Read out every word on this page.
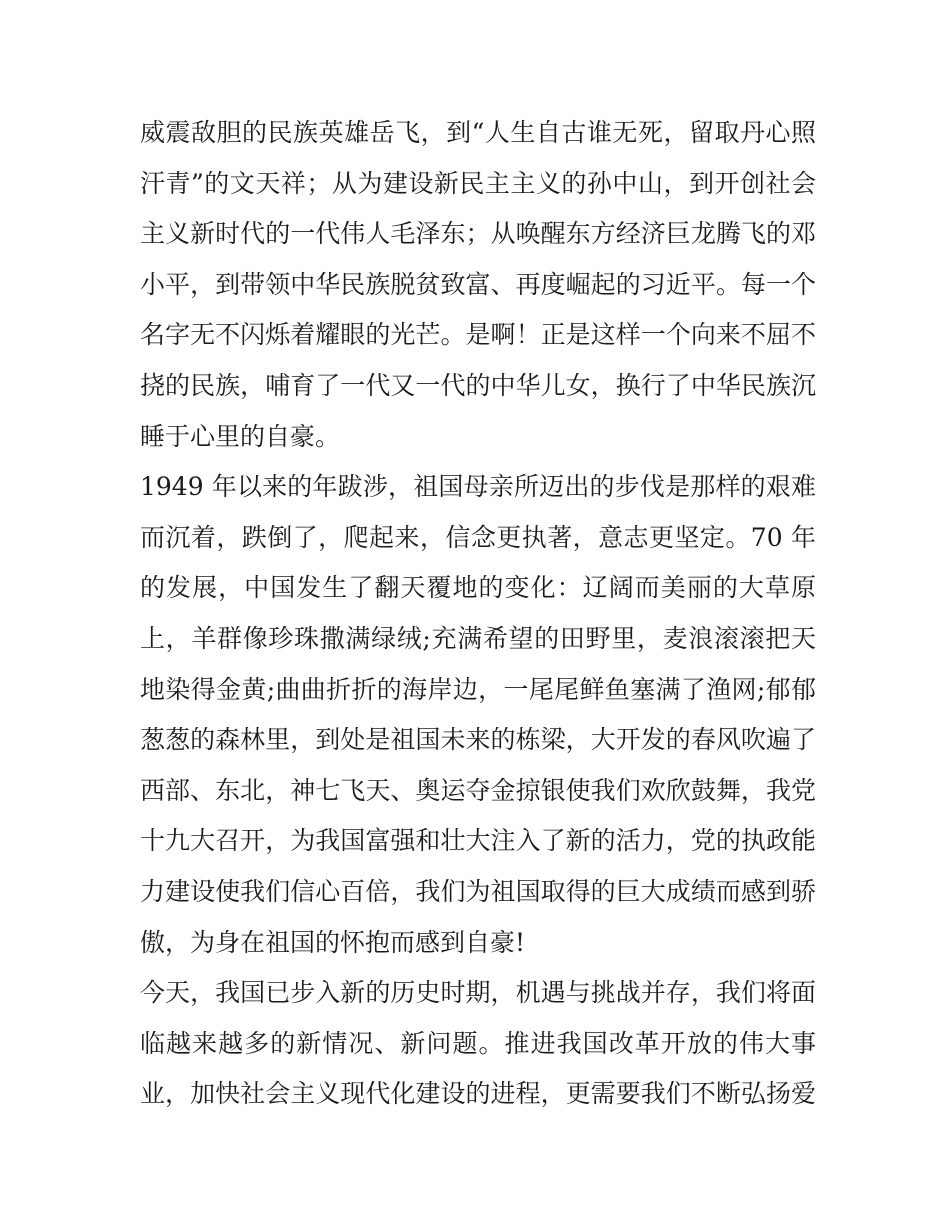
威震敌胆的民族英雄岳飞，到“人生自古谁无死，留取丹心照
汗青”的文天祥；从为建设新民主主义的孙中山，到开创社会
主义新时代的一代伟人毛泽东；从唤醒东方经济巨龙腾飞的邓
小平，到带领中华民族脱贫致富、再度崛起的习近平。每一个
名字无不闪烁着耀眼的光芒。是啊！正是这样一个向来不屈不
挠的民族，哺育了一代又一代的中华儿女，换行了中华民族沉
睡于心里的自豪。
1949 年以来的年跋涉，祖国母亲所迈出的步伐是那样的艰难
而沉着，跌倒了，爬起来，信念更执著，意志更坚定。70 年
的发展，中国发生了翻天覆地的变化：辽阔而美丽的大草原
上，羊群像珍珠撒满绿绒;充满希望的田野里，麦浪滚滚把天
地染得金黄;曲曲折折的海岸边，一尾尾鲜鱼塞满了渔网;郁郁
葱葱的森林里，到处是祖国未来的栋梁，大开发的春风吹遍了
西部、东北，神七飞天、奥运夺金掠银使我们欢欣鼓舞，我党
十九大召开，为我国富强和壮大注入了新的活力，党的执政能
力建设使我们信心百倍，我们为祖国取得的巨大成绩而感到骄
傲，为身在祖国的怀抱而感到自豪!
今天，我国已步入新的历史时期，机遇与挑战并存，我们将面
临越来越多的新情况、新问题。推进我国改革开放的伟大事
业，加快社会主义现代化建设的进程，更需要我们不断弘扬爱
